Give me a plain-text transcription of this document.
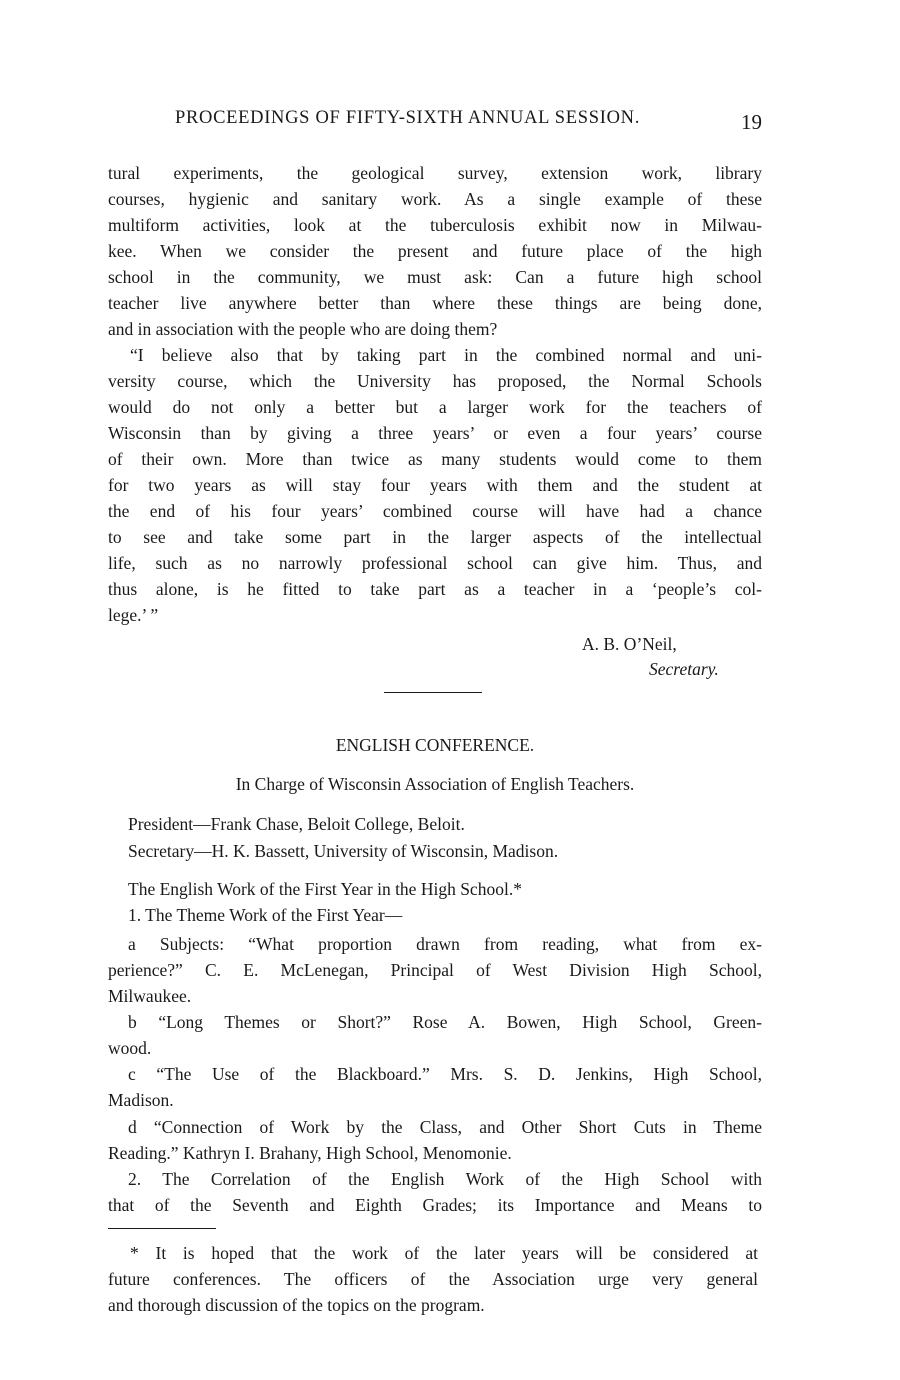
PROCEEDINGS OF FIFTY-SIXTH ANNUAL SESSION.	19
tural experiments, the geological survey, extension work, library
courses, hygienic and sanitary work. As a single example of these
multiform activities, look at the tuberculosis exhibit now in Milwau-
kee. When we consider the present and future place of the high
school in the community, we must ask: Can a future high school
teacher live anywhere better than where these things are being done,
and in association with the people who are doing them?
“I believe also that by taking part in the combined normal and uni-
versity course, which the University has proposed, the Normal Schools
would do not only a better but a larger work for the teachers of
Wisconsin than by giving a three years’ or even a four years’ course
of their own. More than twice as many students would come to them
for two years as will stay four years with them and the student at
the end of his four years’ combined course will have had a chance
to see and take some part in the larger aspects of the intellectual
life, such as no narrowly professional school can give him. Thus, and
thus alone, is he fitted to take part as a teacher in a ‘people’s col-
lege.’ ”
A. B. O’Neil,
Secretary.
ENGLISH CONFERENCE.
In Charge of Wisconsin Association of English Teachers.
President—Frank Chase, Beloit College, Beloit.
Secretary—H. K. Bassett, University of Wisconsin, Madison.
The English Work of the First Year in the High School.*
1. The Theme Work of the First Year—
a Subjects: “What proportion drawn from reading, what from ex-
perience?” C. E. McLenegan, Principal of West Division High School,
Milwaukee.
b “Long Themes or Short?” Rose A. Bowen, High School, Green-
wood.
c “The Use of the Blackboard.” Mrs. S. D. Jenkins, High School,
Madison.
d “Connection of Work by the Class, and Other Short Cuts in Theme
Reading.” Kathryn I. Brahany, High School, Menomonie.
2. The Correlation of the English Work of the High School with
that of the Seventh and Eighth Grades; its Importance and Means to
* It is hoped that the work of the later years will be considered at
future conferences. The officers of the Association urge very general
and thorough discussion of the topics on the program.
